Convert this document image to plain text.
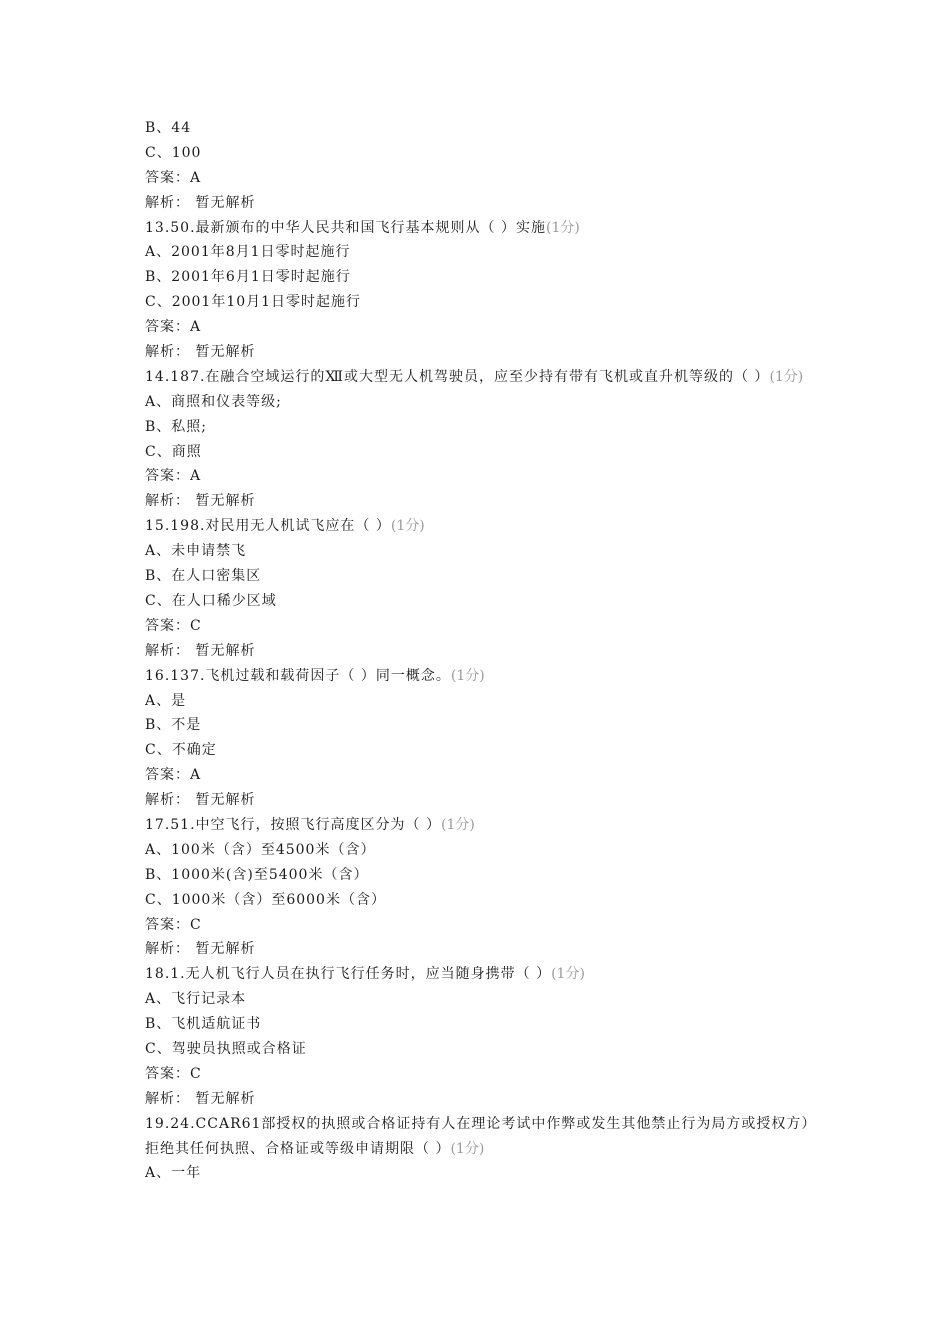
B、44
C、100
答案：A
解析： 暂无解析
13.50.最新颁布的中华人民共和国飞行基本规则从（ ）实施(1分)
A、2001年8月1日零时起施行
B、2001年6月1日零时起施行
C、2001年10月1日零时起施行
答案：A
解析： 暂无解析
14.187.在融合空域运行的Ⅻ或大型无人机驾驶员，应至少持有带有飞机或直升机等级的（ ）(1分)
A、商照和仪表等级;
B、私照;
C、商照
答案：A
解析： 暂无解析
15.198.对民用无人机试飞应在（ ）(1分)
A、未申请禁飞
B、在人口密集区
C、在人口稀少区域
答案：C
解析： 暂无解析
16.137.飞机过载和载荷因子（ ）同一概念。(1分)
A、是
B、不是
C、不确定
答案：A
解析： 暂无解析
17.51.中空飞行，按照飞行高度区分为（ ）(1分)
A、100米（含）至4500米（含）
B、1000米(含)至5400米（含）
C、1000米（含）至6000米（含）
答案：C
解析： 暂无解析
18.1.无人机飞行人员在执行飞行任务时，应当随身携带（ ）(1分)
A、飞行记录本
B、飞机适航证书
C、驾驶员执照或合格证
答案：C
解析： 暂无解析
19.24.CCAR61部授权的执照或合格证持有人在理论考试中作弊或发生其他禁止行为局方或授权方）拒绝其任何执照、合格证或等级申请期限（ ）(1分)
A、一年
